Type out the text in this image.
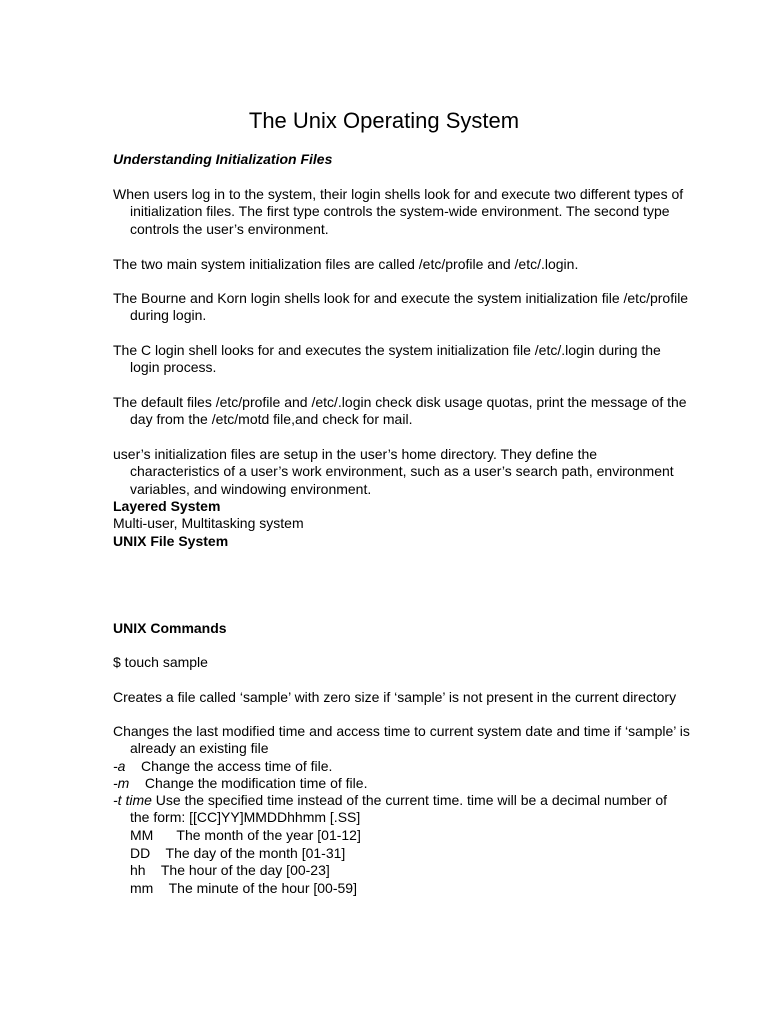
The Unix Operating System

Understanding Initialization Files

When users log in to the system, their login shells look for and execute two different types of initialization files. The first type controls the system-wide environment. The second type controls the user’s environment.

The two main system initialization files are called /etc/profile and /etc/.login.

The Bourne and Korn login shells look for and execute the system initialization file /etc/profile during login.

The C login shell looks for and executes the system initialization file /etc/.login during the login process.

The default files /etc/profile and /etc/.login check disk usage quotas, print the message of the day from the /etc/motd file,and check for mail.

user’s initialization files are setup in the user’s home directory. They define the characteristics of a user’s work environment, such as a user’s search path, environment variables, and windowing environment.

Layered System

Multi-user, Multitasking system

UNIX File System

UNIX Commands

$ touch sample

Creates a file called ‘sample’ with zero size if ‘sample’ is not present in the current directory

Changes the last modified time and access time to current system date and time if ‘sample’ is already an existing file

-a Change the access time of file.

-m Change the modification time of file.

-t time Use the specified time instead of the current time. time will be a decimal number of the form: [[CC]YY]MMDDhhmm [.SS]

MM      The month of the year [01-12]

DD    The day of the month [01-31]

hh    The hour of the day [00-23]

mm    The minute of the hour [00-59]
